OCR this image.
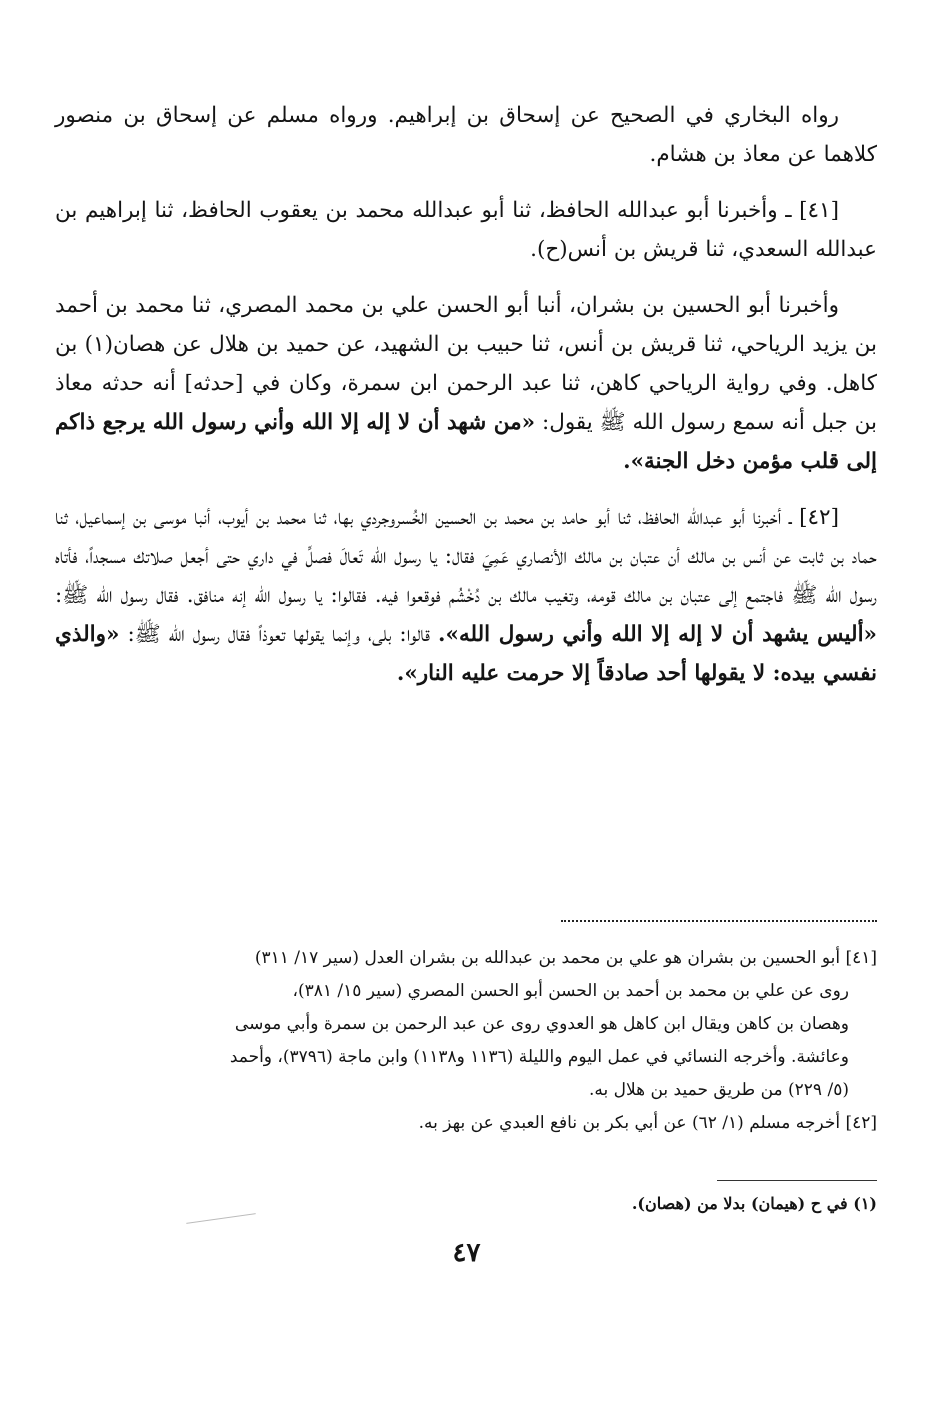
رواه البخاري في الصحيح عن إسحاق بن إبراهيم. ورواه مسلم عن إسحاق بن منصور كلاهما عن معاذ بن هشام.

[٤١] ـ وأخبرنا أبو عبدالله الحافظ، ثنا أبو عبدالله محمد بن يعقوب الحافظ، ثنا إبراهيم بن عبدالله السعدي، ثنا قريش بن أنس(ح).

وأخبرنا أبو الحسين بن بشران، أنبا أبو الحسن علي بن محمد المصري، ثنا محمد بن أحمد بن يزيد الرياحي، ثنا قريش بن أنس، ثنا حبيب بن الشهيد، عن حميد بن هلال عن هصان(١) بن كاهل. وفي رواية الرياحي كاهن، ثنا عبد الرحمن ابن سمرة، وكان في [حدثه] أنه حدثه معاذ بن جبل أنه سمع رسول الله ﷺ يقول: «من شهد أن لا إله إلا الله وأني رسول الله يرجع ذاكم إلى قلب مؤمن دخل الجنة».

[٤٢] ـ أخبرنا أبو عبدالله الحافظ، ثنا أبو حامد بن محمد بن الحسين الخُسروجردي بها، ثنا محمد بن أيوب، أنبا موسى بن إسماعيل، ثنا حماد بن ثابت عن أنس بن مالك أن عتبان بن مالك الأنصاري عَمِيَ فقال: يا رسول الله تَعالَ فصلِّ في داري حتى أجعل صلاتك مسجداً، فأتاه رسول الله ﷺ فاجتمع إلى عتبان بن مالك قومه، وتغيب مالك بن دُخْشُم فوقعوا فيه. فقالوا: يا رسول الله إنه منافق. فقال رسول الله ﷺ: «أليس يشهد أن لا إله إلا الله وأني رسول الله». قالوا: بلى، وإنما يقولها تعوذاً فقال رسول الله ﷺ: «والذي نفسي بيده: لا يقولها أحد صادقاً إلا حرمت عليه النار».

[٤١] أبو الحسين بن بشران هو علي بن محمد بن عبدالله بن بشران العدل (سير ١٧/ ٣١١)

روى عن علي بن محمد بن أحمد بن الحسن أبو الحسن المصري (سير ١٥/ ٣٨١)،

وهصان بن كاهن ويقال ابن كاهل هو العدوي روى عن عبد الرحمن بن سمرة وأبي موسى

وعائشة. وأخرجه النسائي في عمل اليوم والليلة (١١٣٦ و١١٣٨) وابن ماجة (٣٧٩٦)، وأحمد

(٥/ ٢٢٩) من طريق حميد بن هلال به.

[٤٢] أخرجه مسلم (١/ ٦٢) عن أبي بكر بن نافع العبدي عن بهز به.

(١) في ح (هيمان) بدلا من (هصان).
٤٧
